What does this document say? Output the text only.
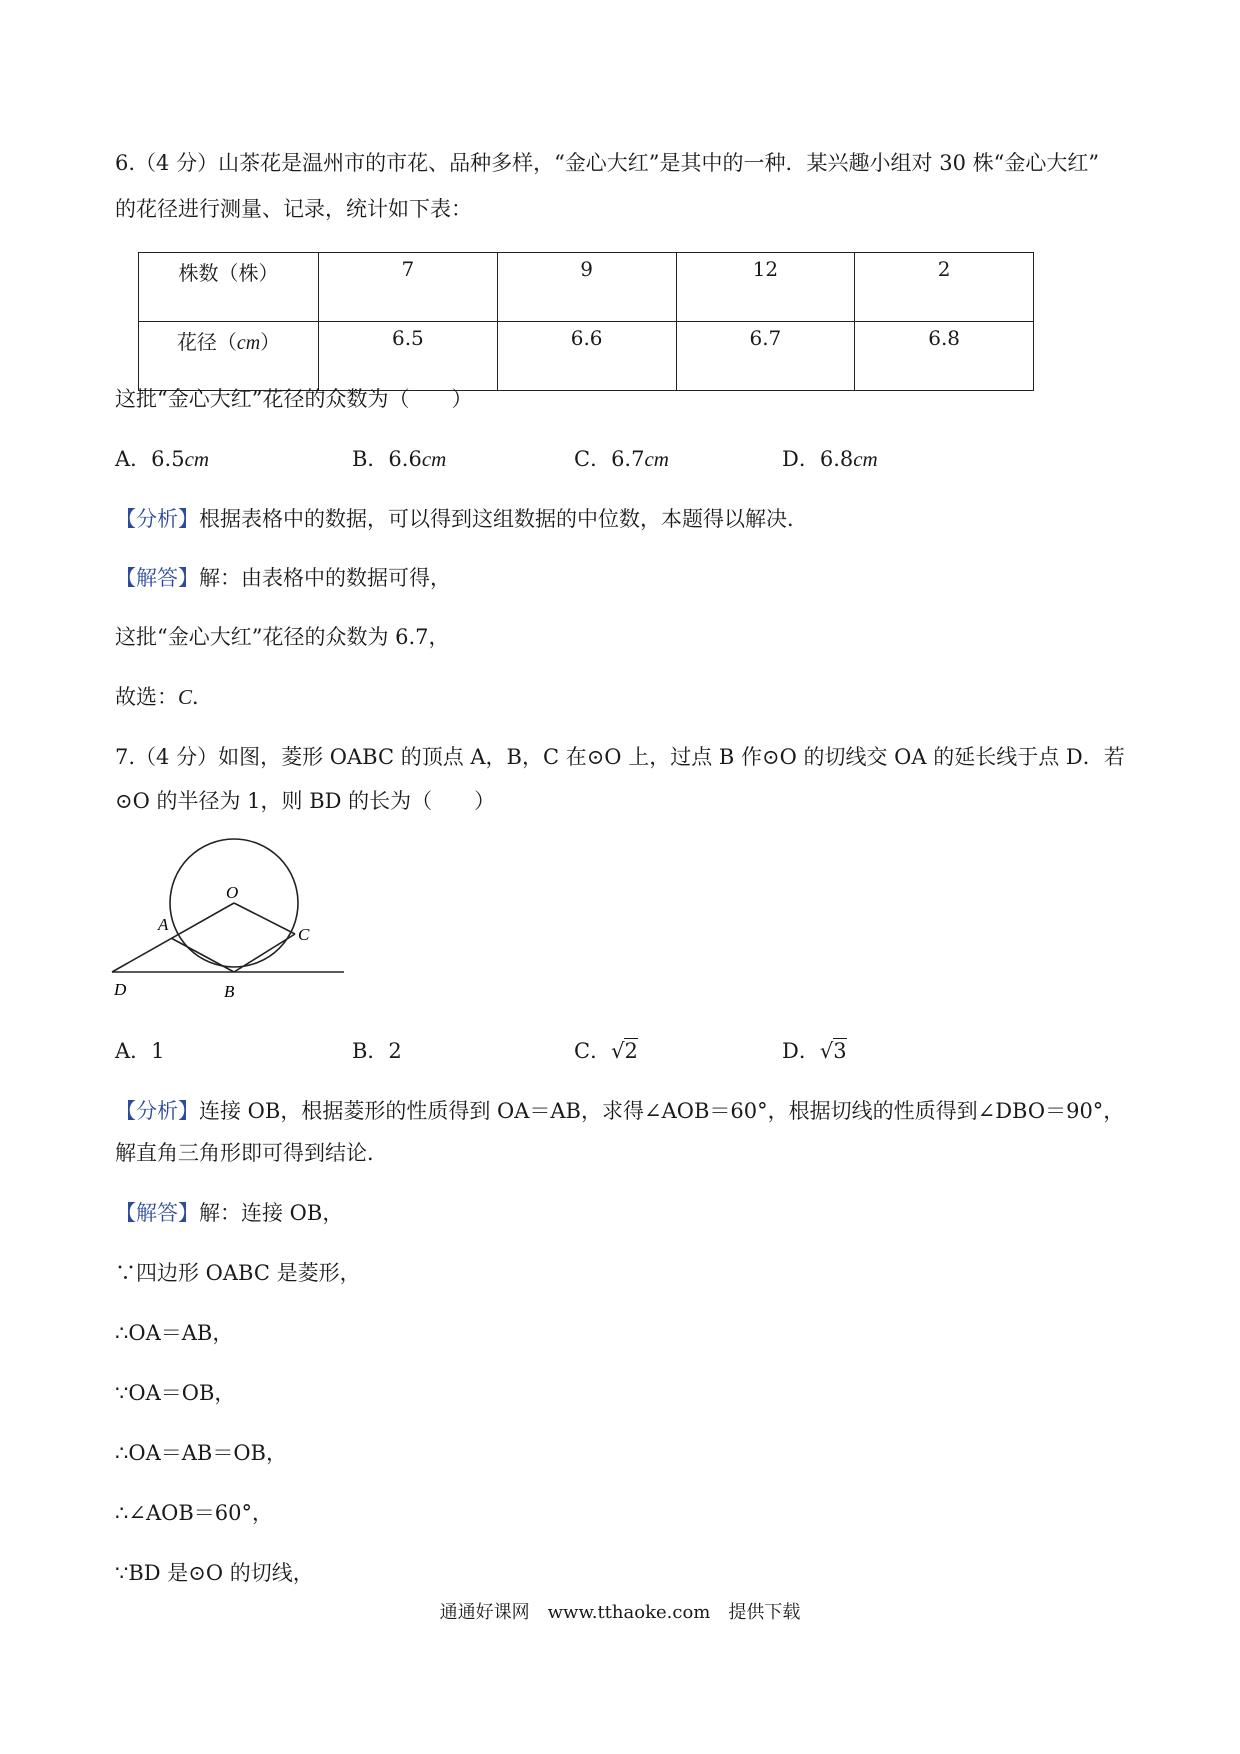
6.（4 分）山茶花是温州市的市花、品种多样，“金心大红”是其中的一种．某兴趣小组对 30 株“金心大红”
的花径进行测量、记录，统计如下表：
株数（株）	7	9	12	2
花径（cm）	6.5	6.6	6.7	6.8
这批“金心大红”花径的众数为（　　）
A．6.5cm	B．6.6cm	C．6.7cm	D．6.8cm
【分析】根据表格中的数据，可以得到这组数据的中位数，本题得以解决．
【解答】解：由表格中的数据可得，
这批“金心大红”花径的众数为 6.7，
故选：C．
7.（4 分）如图，菱形 OABC 的顶点 A，B，C 在⊙O 上，过点 B 作⊙O 的切线交 OA 的延长线于点 D．若
⊙O 的半径为 1，则 BD 的长为（　　）
O
A
C
D	B
A．1	B．2	C．√2	D．√3
【分析】连接 OB，根据菱形的性质得到 OA＝AB，求得∠AOB＝60°，根据切线的性质得到∠DBO＝90°，
解直角三角形即可得到结论．
【解答】解：连接 OB，
∵四边形 OABC 是菱形，
∴OA＝AB，
∵OA＝OB，
∴OA＝AB＝OB，
∴∠AOB＝60°，
∵BD 是⊙O 的切线，
通通好课网　www.tthaoke.com　提供下载
